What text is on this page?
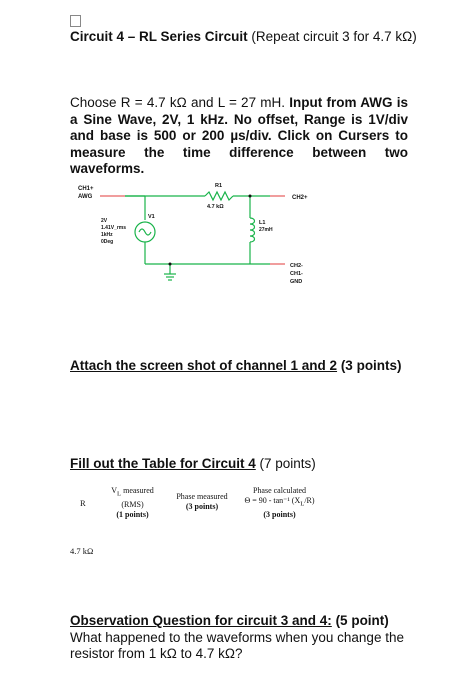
Circuit 4 – RL Series Circuit (Repeat circuit 3 for 4.7 kΩ)
Choose R = 4.7 kΩ and L = 27 mH. Input from AWG is a Sine Wave, 2V, 1 kHz. No offset, Range is 1V/div and base is 500 or 200 µs/div. Click on Cursers to measure the time difference between two waveforms.
CH1+
AWG
R1
4.7 kΩ
CH2+
V1
2V
1.41V_rms
1kHz
0Deg
L1
27mH
CH2-
CH1-
GND
Attach the screen shot of channel 1 and 2 (3 points)
Fill out the Table for Circuit 4 (7 points)
R
$V_L$ measured
(RMS)
(1 points)
Phase measured
(3 points)
Phase calculated
Θ = 90 - tan⁻¹ $(X_L/R)$
(3 points)
4.7 kΩ
Observation Question for circuit 3 and 4: (5 point)
What happened to the waveforms when you change the resistor from 1 kΩ to 4.7 kΩ?
